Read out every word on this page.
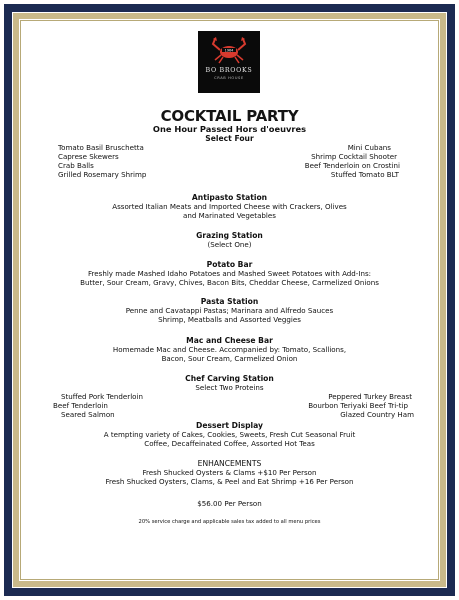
1964
BO BROOKS
CRAB HOUSE
COCKTAIL PARTY
One Hour Passed Hors d'oeuvres
Select Four
Tomato Basil Bruschetta
Caprese Skewers
Crab Balls
Grilled Rosemary Shrimp
Mini Cubans
Shrimp Cocktail Shooter
Beef Tenderloin on Crostini
Stuffed Tomato BLT
Antipasto Station
Assorted Italian Meats and Imported Cheese with Crackers, Olives
and Marinated Vegetables
Grazing Station
(Select One)
Potato Bar
Freshly made Mashed Idaho Potatoes and Mashed Sweet Potatoes with Add-Ins:
Butter, Sour Cream, Gravy, Chives, Bacon Bits, Cheddar Cheese, Carmelized Onions
Pasta Station
Penne and Cavatappi Pastas; Marinara and Alfredo Sauces
Shrimp, Meatballs and Assorted Veggies
Mac and Cheese Bar
Homemade Mac and Cheese. Accompanied by: Tomato, Scallions,
Bacon, Sour Cream, Carmelized Onion
Chef Carving Station
Select Two Proteins
Stuffed Pork Tenderloin
Beef Tenderloin
Seared Salmon
Peppered Turkey Breast
Bourbon Teriyaki Beef Tri-tip
Glazed Country Ham
Dessert Display
A tempting variety of Cakes, Cookies, Sweets, Fresh Cut Seasonal Fruit
Coffee, Decaffeinated Coffee, Assorted Hot Teas
ENHANCEMENTS
Fresh Shucked Oysters & Clams +$10 Per Person
Fresh Shucked Oysters, Clams, & Peel and Eat Shrimp +16 Per Person
$56.00 Per Person
20% service charge and applicable sales tax added to all menu prices
